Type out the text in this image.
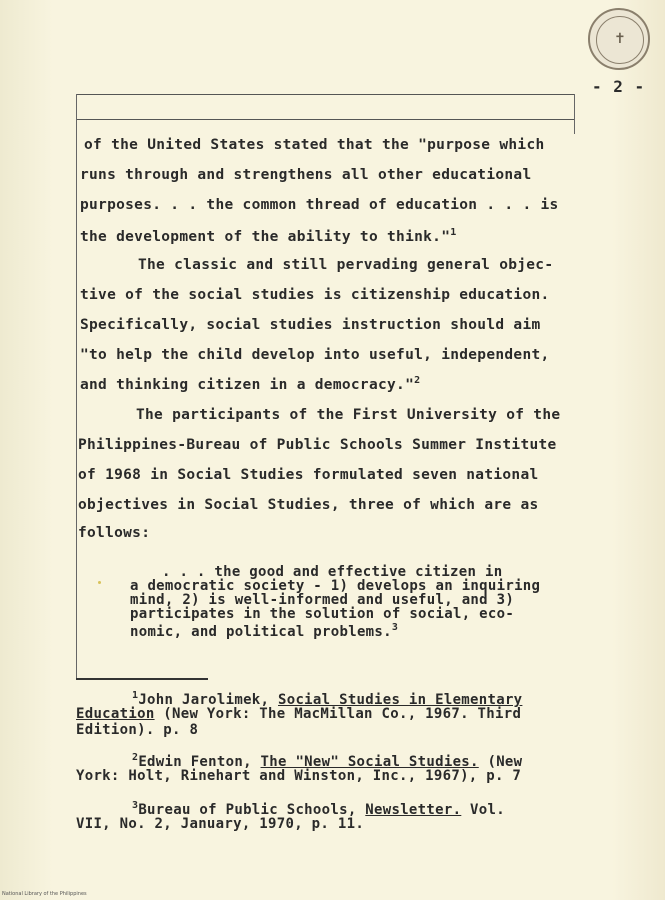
✝
- 2 -
of the United States stated that the "purpose which
runs through and strengthens all other educational
purposes. . . the common thread of education . . . is
the development of the ability to think."$^1$
The classic and still pervading general objec-
tive of the social studies is citizenship education.
Specifically, social studies instruction should aim
"to help the child develop into useful, independent,
and thinking citizen in a democracy."$^2$
The participants of the First University of the
Philippines-Bureau of Public Schools Summer Institute
of 1968 in Social Studies formulated seven national
objectives in Social Studies, three of which are as
follows:
. . . the good and effective citizen in
a democratic society - 1) develops an inquiring
mind, 2) is well-informed and useful, and 3)
participates in the solution of social, eco-
nomic, and political problems.$^3$
$^1$John Jarolimek, Social Studies in Elementary
Education (New York: The MacMillan Co., 1967. Third
Edition). p. 8
$^2$Edwin Fenton, The "New" Social Studies. (New
York: Holt, Rinehart and Winston, Inc., 1967), p. 7
$^3$Bureau of Public Schools, Newsletter. Vol.
VII, No. 2, January, 1970, p. 11.
National Library of the Philippines
